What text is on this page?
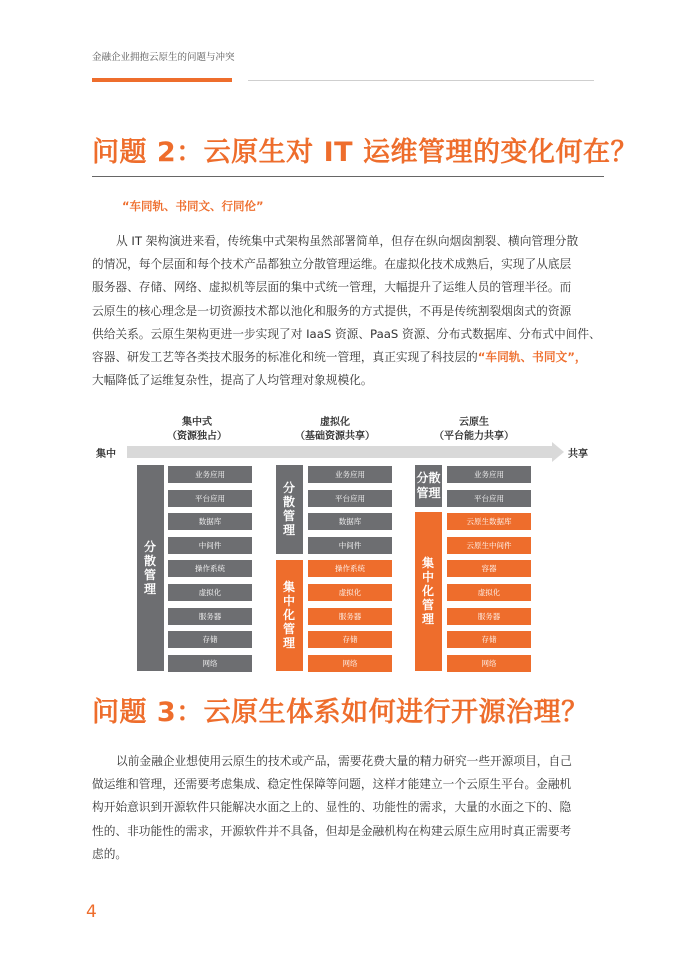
金融企业拥抱云原生的问题与冲突
问题 2：云原生对 IT 运维管理的变化何在？
“车同轨、书同文、行同伦”
从 IT 架构演进来看，传统集中式架构虽然部署简单，但存在纵向烟囱割裂、横向管理分散
的情况，每个层面和每个技术产品都独立分散管理运维。在虚拟化技术成熟后，实现了从底层
服务器、存储、网络、虚拟机等层面的集中式统一管理，大幅提升了运维人员的管理半径。而
云原生的核心理念是一切资源技术都以池化和服务的方式提供，不再是传统割裂烟囱式的资源
供给关系。云原生架构更进一步实现了对 IaaS 资源、PaaS 资源、分布式数据库、分布式中间件、
容器、研发工艺等各类技术服务的标准化和统一管理，真正实现了科技层的“车同轨、书同文”，
大幅降低了运维复杂性，提高了人均管理对象规模化。
集中式
（资源独占）
虚拟化
（基础资源共享）
云原生
（平台能力共享）
集中	共享
分散管理
业务应用
平台应用
数据库
中间件
操作系统
虚拟化
服务器
存储
网络
分散管理
集中化管理
业务应用
平台应用
数据库
中间件
操作系统
虚拟化
服务器
存储
网络
分散
管理
集中化管理
业务应用
平台应用
云原生数据库
云原生中间件
容器
虚拟化
服务器
存储
网络
问题 3：云原生体系如何进行开源治理？
以前金融企业想使用云原生的技术或产品，需要花费大量的精力研究一些开源项目，自己
做运维和管理，还需要考虑集成、稳定性保障等问题，这样才能建立一个云原生平台。金融机
构开始意识到开源软件只能解决水面之上的、显性的、功能性的需求，大量的水面之下的、隐
性的、非功能性的需求，开源软件并不具备，但却是金融机构在构建云原生应用时真正需要考
虑的。
4
